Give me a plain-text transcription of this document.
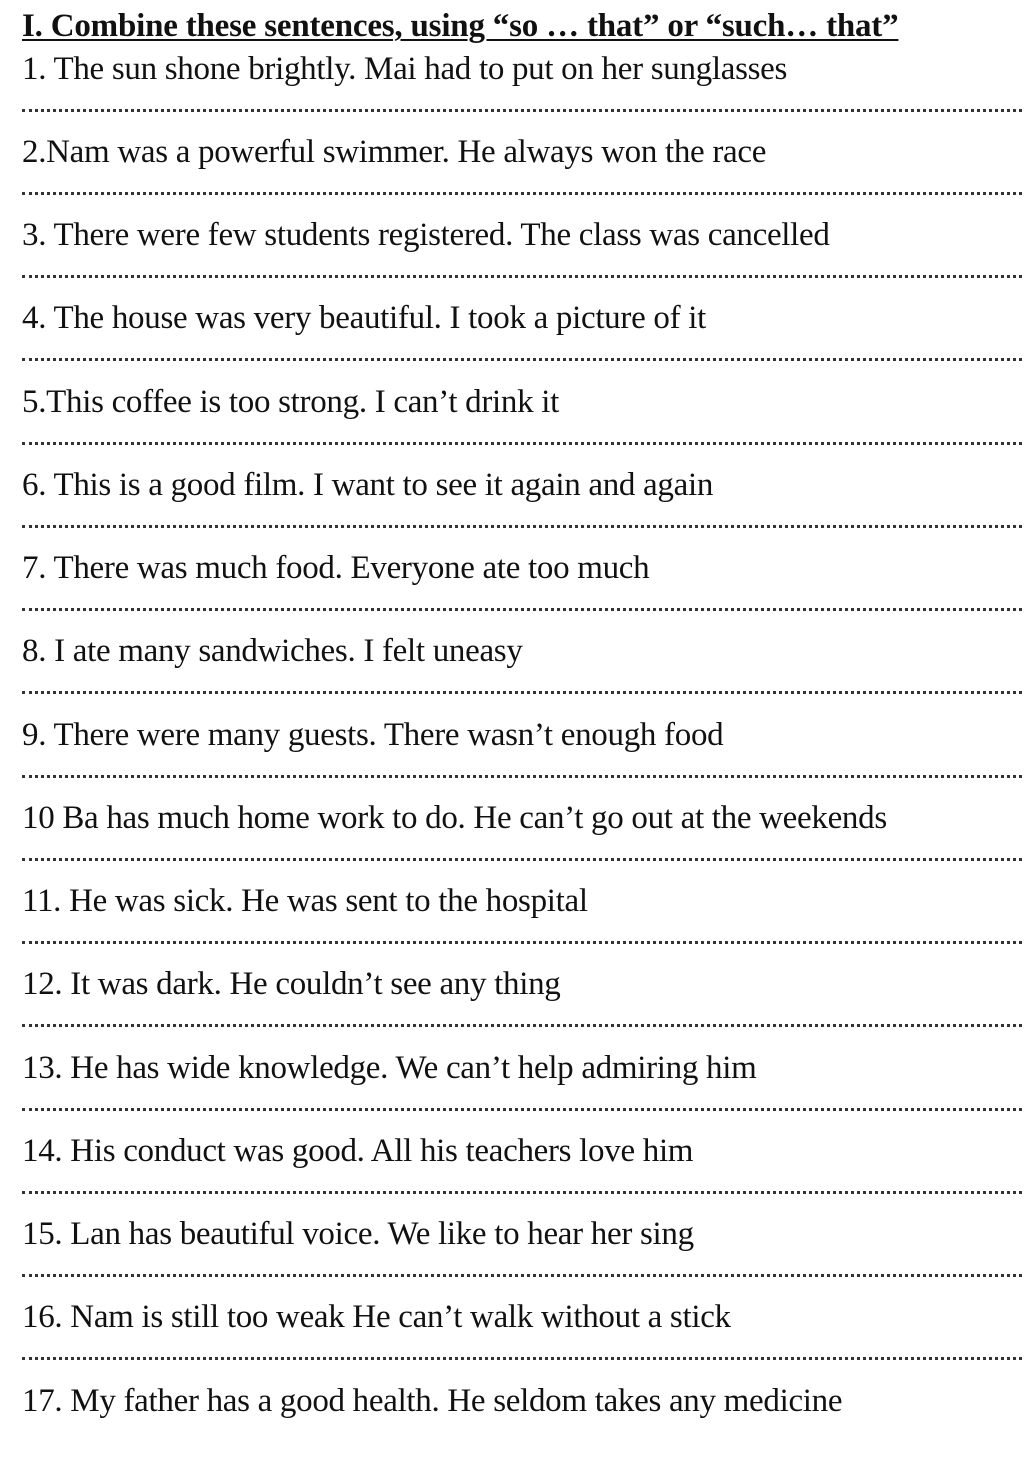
I. Combine these sentences, using “so … that” or “such… that”
1. The sun shone brightly. Mai had to put on her sunglasses
2.Nam was a powerful swimmer. He always won the race
3. There were few students registered. The class was cancelled
4. The house was very beautiful. I took a picture of it
5.This coffee is too strong. I can’t drink it
6. This is a good film. I want to see it again and again
7. There was much food. Everyone ate too much
8. I ate many sandwiches. I felt uneasy
9. There were many guests. There wasn’t enough food
10 Ba has much home work to do. He can’t go out at the weekends
11. He was sick. He was sent to the hospital
12. It was dark. He couldn’t see any thing
13. He has wide knowledge. We can’t help admiring him
14. His conduct was good. All his teachers love him
15. Lan has beautiful voice. We like to hear her sing
16. Nam is still too weak He can’t walk without a stick
17. My father has a good health. He seldom takes any medicine
